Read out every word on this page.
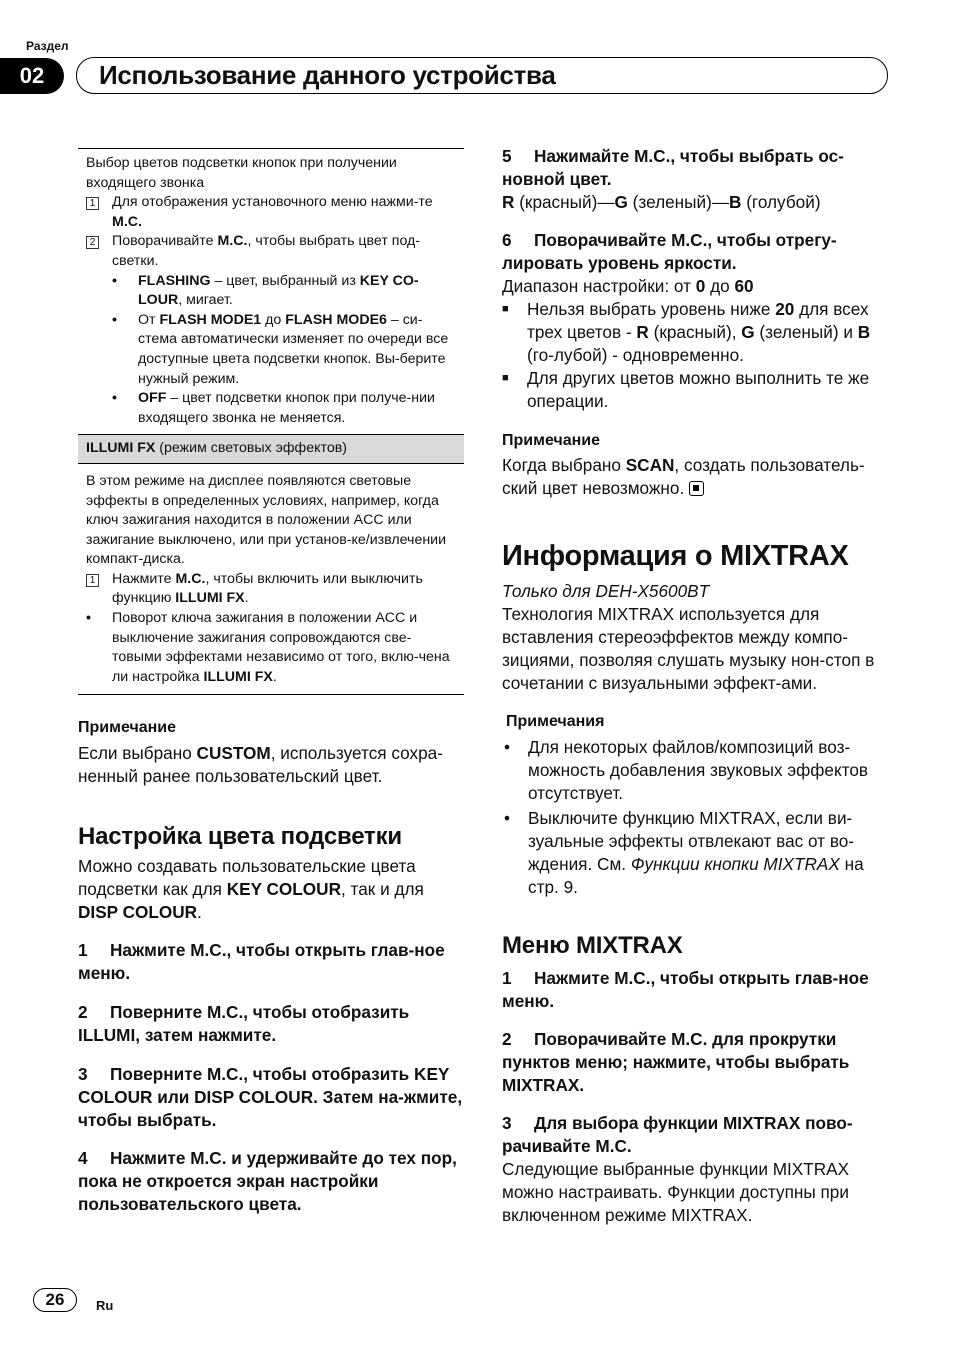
Раздел
02	Использование данного устройства
Выбор цветов подсветки кнопок при получении входящего звонка
1	Для отображения установочного меню нажми-те M.C.
2	Поворачивайте M.C., чтобы выбрать цвет под-светки.
•	FLASHING – цвет, выбранный из KEY CO-LOUR, мигает.
•	От FLASH MODE1 до FLASH MODE6 – си-стема автоматически изменяет по очереди все доступные цвета подсветки кнопок. Вы-берите нужный режим.
•	OFF – цвет подсветки кнопок при получе-нии входящего звонка не меняется.
ILLUMI FX (режим световых эффектов)
В этом режиме на дисплее появляются световые эффекты в определенных условиях, например, когда ключ зажигания находится в положении ACC или зажигание выключено, или при установ-ке/извлечении компакт-диска.
1	Нажмите M.C., чтобы включить или выключить функцию ILLUMI FX.
•	Поворот ключа зажигания в положении ACC и выключение зажигания сопровождаются све-товыми эффектами независимо от того, вклю-чена ли настройка ILLUMI FX.
Примечание
Если выбрано CUSTOM, используется сохра-ненный ранее пользовательский цвет.
Настройка цвета подсветки
Можно создавать пользовательские цвета подсветки как для KEY COLOUR, так и для DISP COLOUR.
1 Нажмите M.C., чтобы открыть глав-ное меню.
2 Поверните M.C., чтобы отобразить ILLUMI, затем нажмите.
3 Поверните M.C., чтобы отобразить KEY COLOUR или DISP COLOUR. Затем на-жмите, чтобы выбрать.
4 Нажмите M.C. и удерживайте до тех пор, пока не откроется экран настройки пользовательского цвета.
5 Нажимайте M.C., чтобы выбрать ос-новной цвет.
R (красный)—G (зеленый)—B (голубой)
6 Поворачивайте M.C., чтобы отрегу-лировать уровень яркости.
Диапазон настройки: от 0 до 60
■	Нельзя выбрать уровень ниже 20 для всех трех цветов - R (красный), G (зеленый) и B (го-лубой) - одновременно.
■	Для других цветов можно выполнить те же операции.
Примечание
Когда выбрано SCAN, создать пользователь-ский цвет невозможно.
Информация о MIXTRAX
Только для DEH-X5600BT
Технология MIXTRAX используется для вставления стереоэффектов между компо-зициями, позволяя слушать музыку нон-стоп в сочетании с визуальными эффект-ами.
Примечания
•	Для некоторых файлов/композиций воз-можность добавления звуковых эффектов отсутствует.
•	Выключите функцию MIXTRAX, если ви-зуальные эффекты отвлекают вас от во-ждения. См. Функции кнопки MIXTRAX на стр. 9.
Меню MIXTRAX
1 Нажмите M.C., чтобы открыть глав-ное меню.
2 Поворачивайте M.C. для прокрутки пунктов меню; нажмите, чтобы выбрать MIXTRAX.
3 Для выбора функции MIXTRAX пово-рачивайте M.C.
Следующие выбранные функции MIXTRAX можно настраивать. Функции доступны при включенном режиме MIXTRAX.
26	Ru
